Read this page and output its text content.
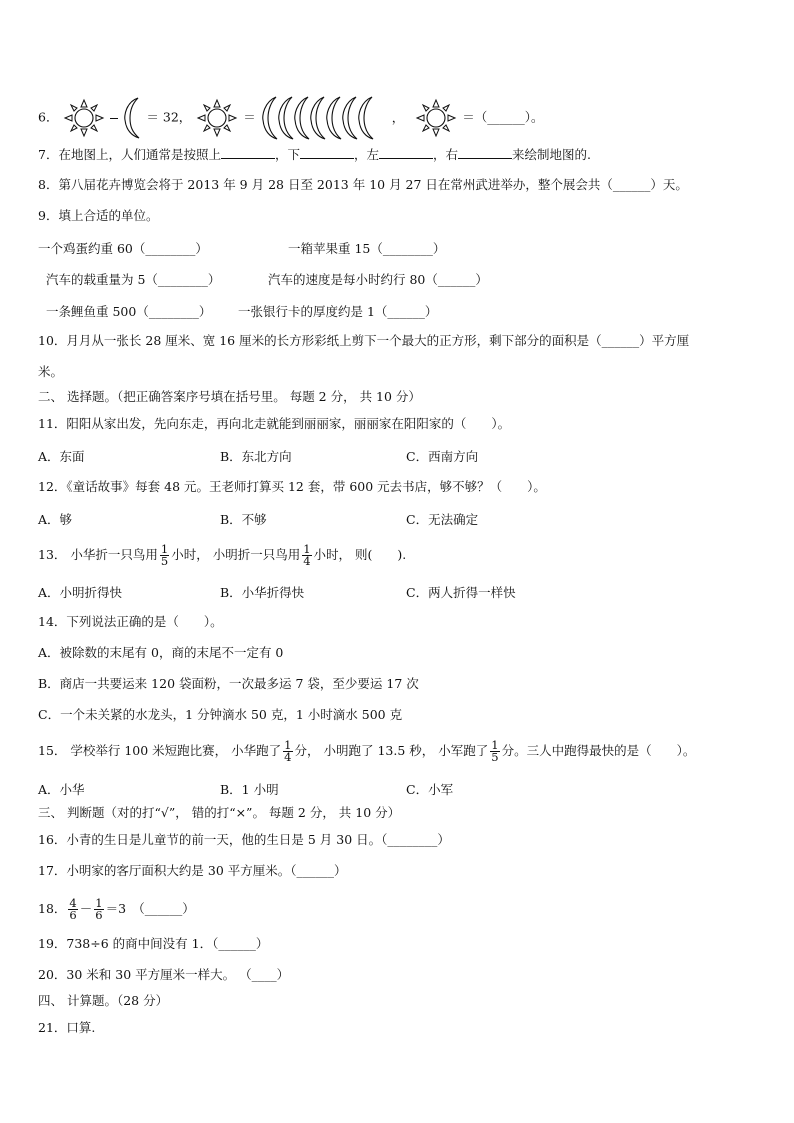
6．	＝ 32，	＝	，	＝（______）。
7．在地图上，人们通常是按照上	，下	，左	，右	来绘制地图的.
8．第八届花卉博览会将于 2013 年 9 月 28 日至 2013 年 10 月 27 日在常州武进举办，整个展会共（______）天。
9．填上合适的单位。
一个鸡蛋约重 60（________）	一箱苹果重 15（________）
汽车的载重量为 5（________）	汽车的速度是每小时约行 80（______）
一条鲤鱼重 500（________） 一张银行卡的厚度约是 1（______）
10．月月从一张长 28 厘米、宽 16 厘米的长方形彩纸上剪下一个最大的正方形，剩下部分的面积是（______）平方厘
米。
二、 选择题。（把正确答案序号填在括号里。 每题 2 分， 共 10 分）
11．阳阳从家出发，先向东走，再向北走就能到丽丽家，丽丽家在阳阳家的（　　）。
A．东面	B．东北方向	C．西南方向
12．《童话故事》每套 48 元。王老师打算买 12 套，带 600 元去书店，够不够？（　　）。
A．够	B．不够	C．无法确定
13． 小华折一只鸟用 $\frac{1}{5}$ 小时， 小明折一只鸟用 $\frac{1}{4}$ 小时， 则(　　).
A．小明折得快	B．小华折得快	C．两人折得一样快
14．下列说法正确的是（　　）。
A．被除数的末尾有 0，商的末尾不一定有 0
B．商店一共要运来 120 袋面粉，一次最多运 7 袋，至少要运 17 次
C．一个未关紧的水龙头，1 分钟滴水 50 克，1 小时滴水 500 克
15． 学校举行 100 米短跑比赛， 小华跑了 $\frac{1}{4}$ 分， 小明跑了 13.5 秒， 小军跑了 $\frac{1}{5}$ 分。三人中跑得最快的是（　　）。
A．小华	B．1 小明	C．小军
三、 判断题（对的打“√”， 错的打“×”。 每题 2 分， 共 10 分）
16．小青的生日是儿童节的前一天，他的生日是 5 月 30 日。（________）
17．小明家的客厅面积大约是 30 平方厘米。（______）
18． $\frac{4}{6} - \frac{1}{6} =3$　（______）
19．738÷6 的商中间没有 1．（______）
20．30 米和 30 平方厘米一样大。 （____）
四、 计算题。（28 分）
21．口算.
